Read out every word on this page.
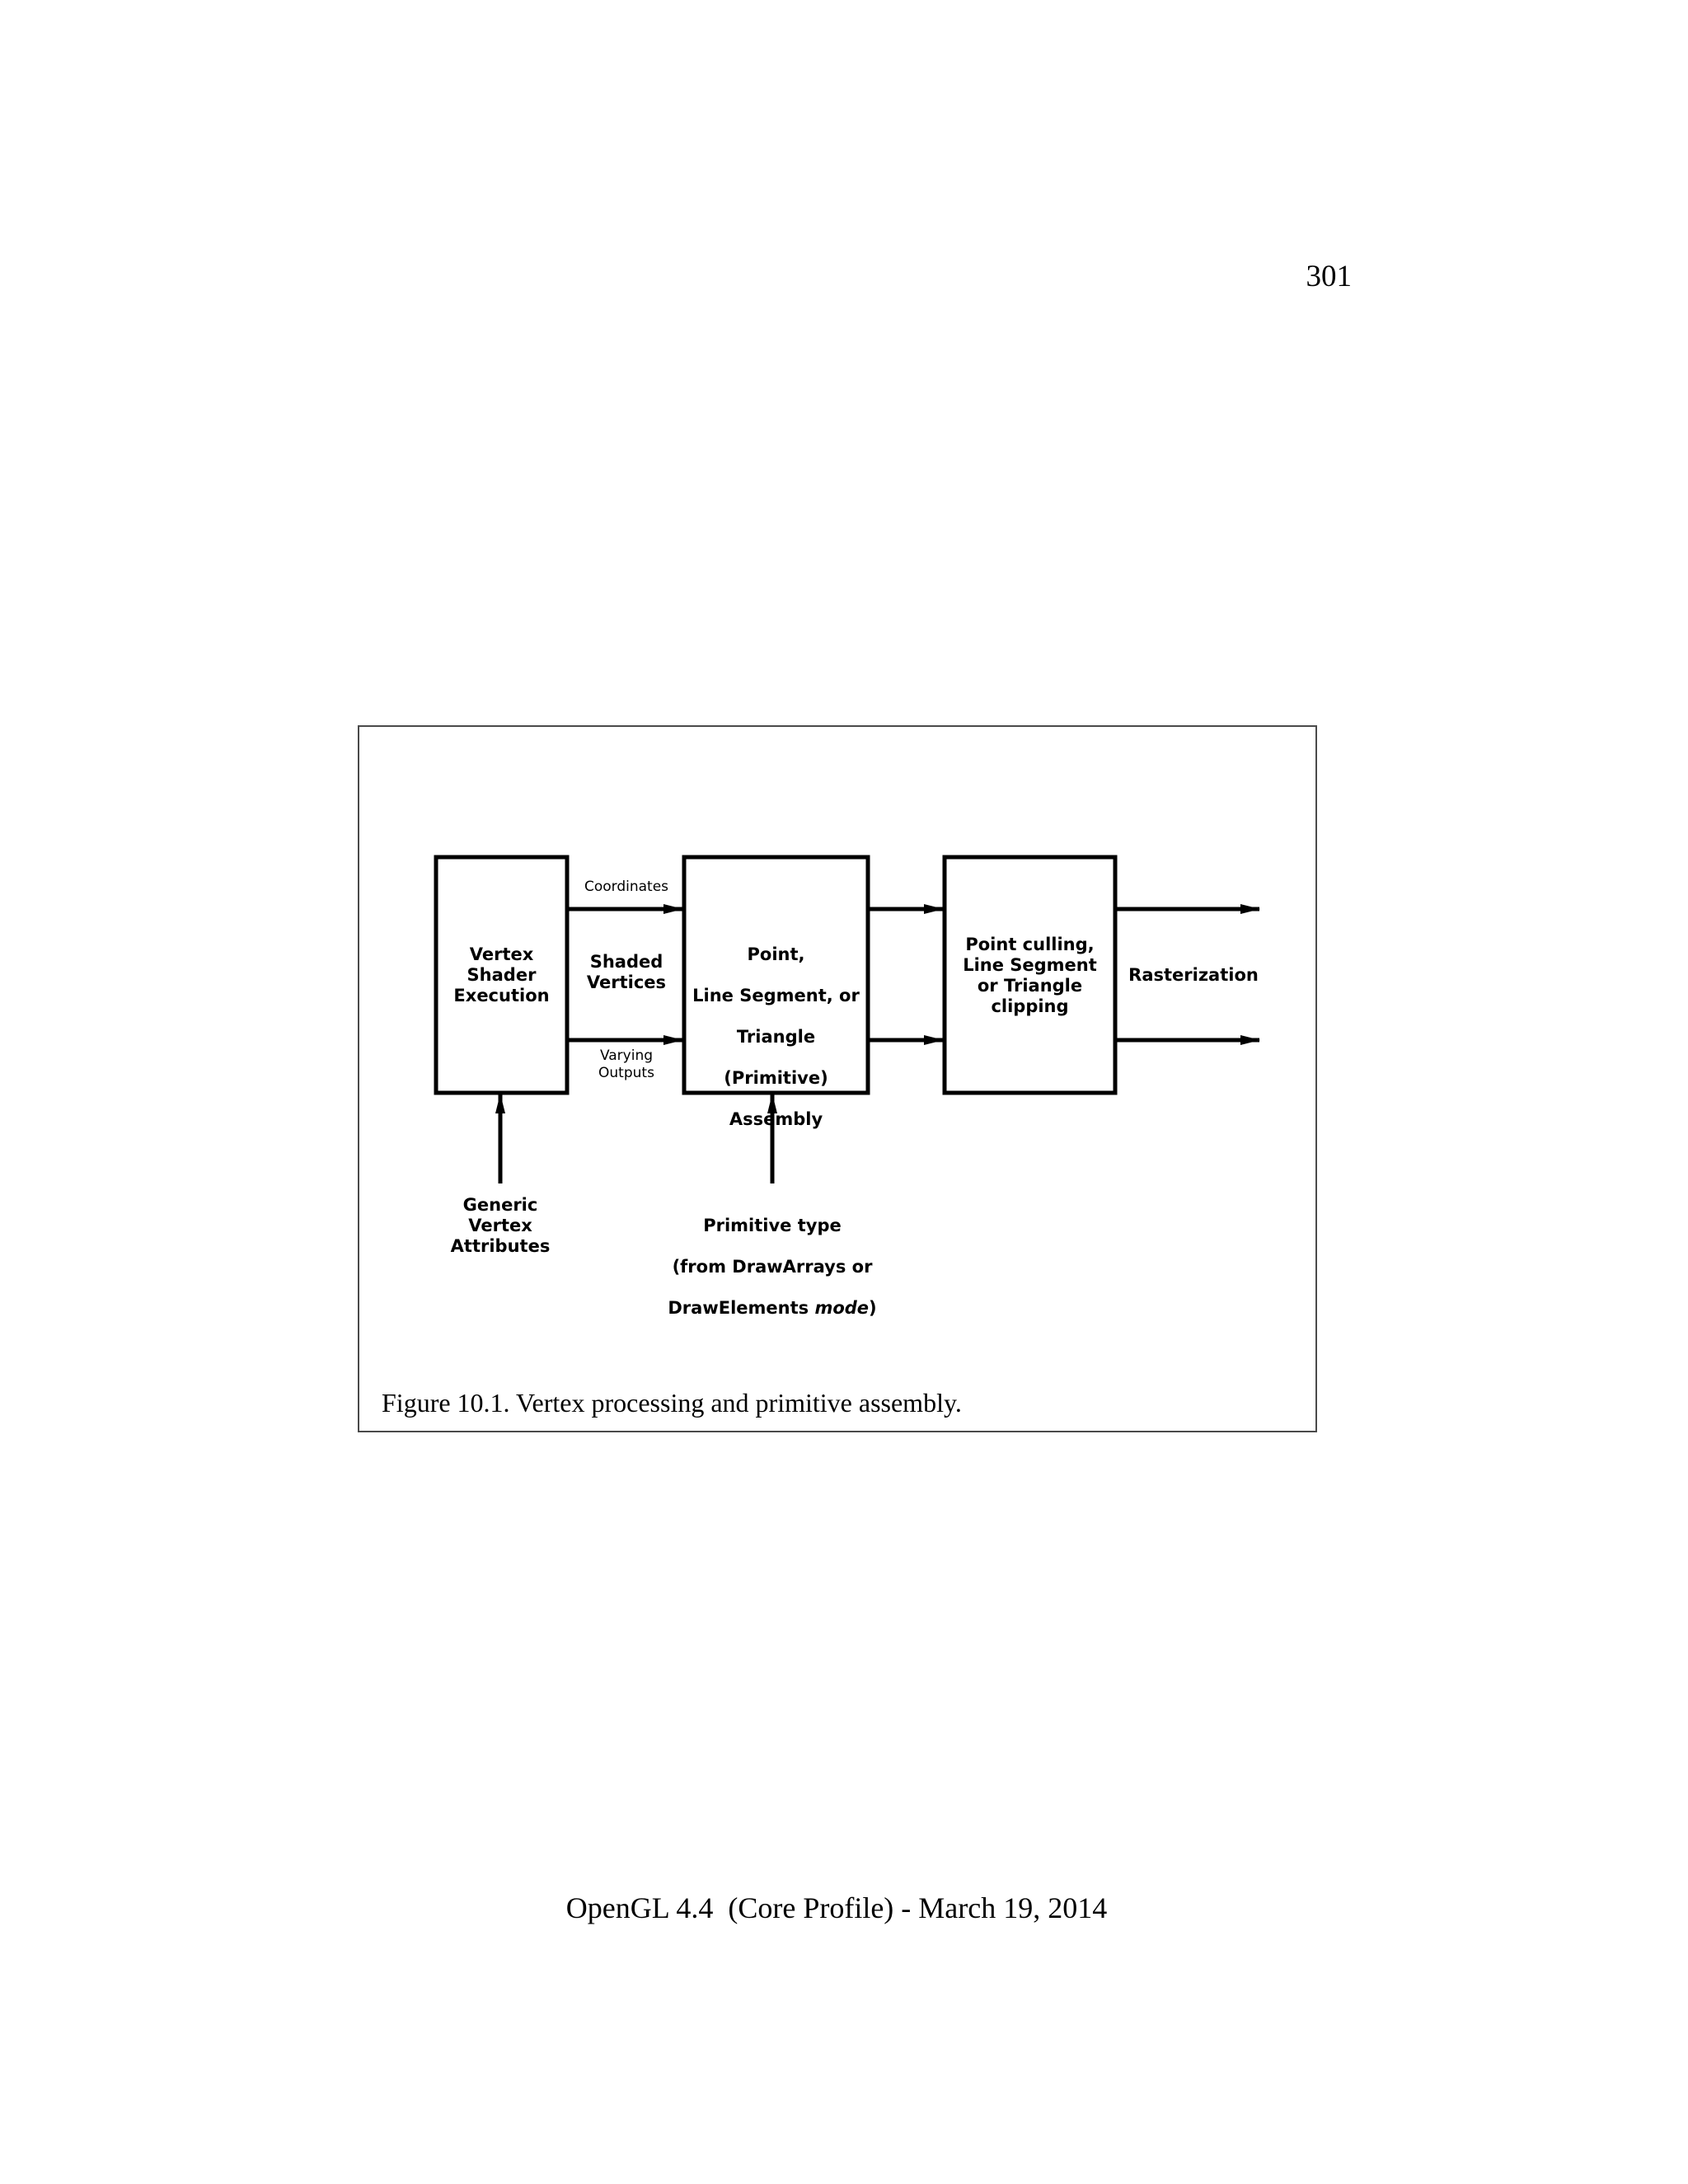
301
Vertex
Shader
Execution

Point,

Line Segment, or

Triangle

(Primitive)

Assembly

Point culling,
Line Segment
or Triangle
clipping
Coordinates
Shaded
Vertices
Varying
Outputs
Rasterization
Generic
Vertex
Attributes

Primitive type

(from DrawArrays or

DrawElements mode)

Figure 10.1. Vertex processing and primitive assembly.
OpenGL 4.4  (Core Profile) - March 19, 2014
